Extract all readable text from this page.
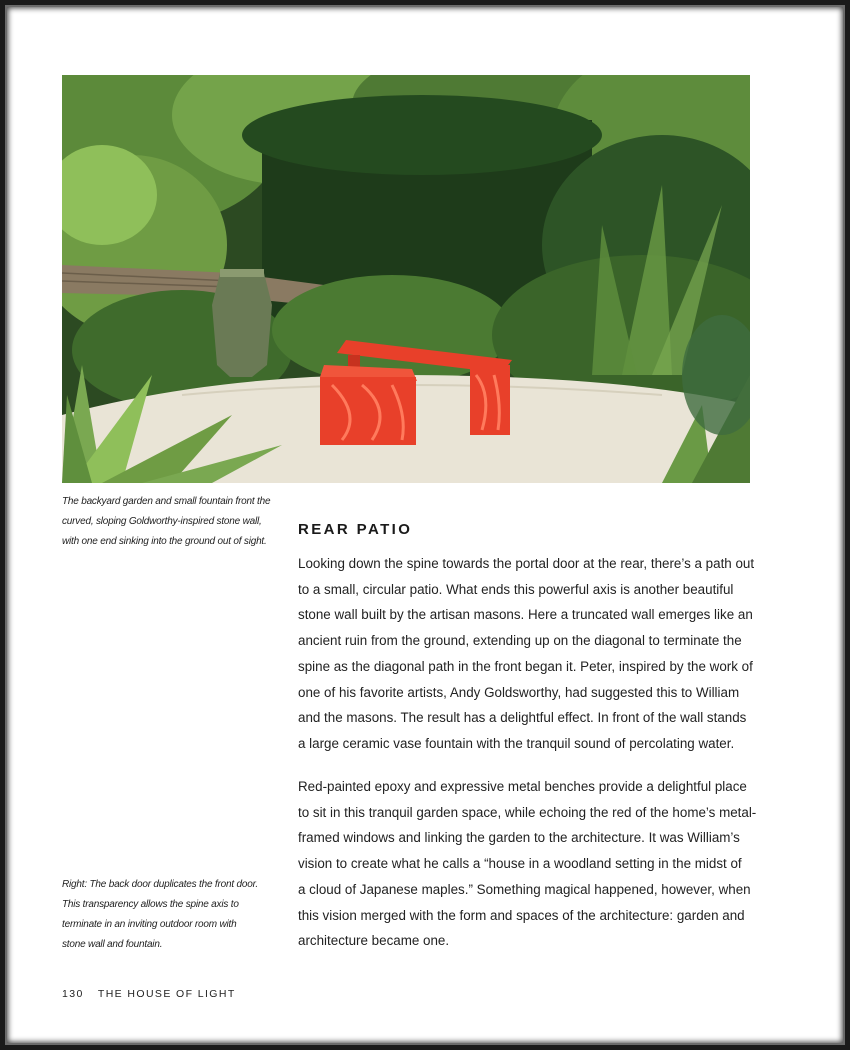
The backyard garden and small fountain front the
curved, sloping Goldworthy-inspired stone wall,
with one end sinking into the ground out of sight.

REAR PATIO

Looking down the spine towards the portal door at the rear, there’s a path out
to a small, circular patio. What ends this powerful axis is another beautiful
stone wall built by the artisan masons. Here a truncated wall emerges like an
ancient ruin from the ground, extending up on the diagonal to terminate the
spine as the diagonal path in the front began it. Peter, inspired by the work of
one of his favorite artists, Andy Goldsworthy, had suggested this to William
and the masons. The result has a delightful effect. In front of the wall stands
a large ceramic vase fountain with the tranquil sound of percolating water.

Red-painted epoxy and expressive metal benches provide a delightful place
to sit in this tranquil garden space, while echoing the red of the home’s metal-
framed windows and linking the garden to the architecture. It was William’s
vision to create what he calls a “house in a woodland setting in the midst of
a cloud of Japanese maples.” Something magical happened, however, when
this vision merged with the form and spaces of the architecture: garden and
architecture became one.

Right: The back door duplicates the front door.
This transparency allows the spine axis to
terminate in an inviting outdoor room with
stone wall and fountain.

130 THE HOUSE OF LIGHT
